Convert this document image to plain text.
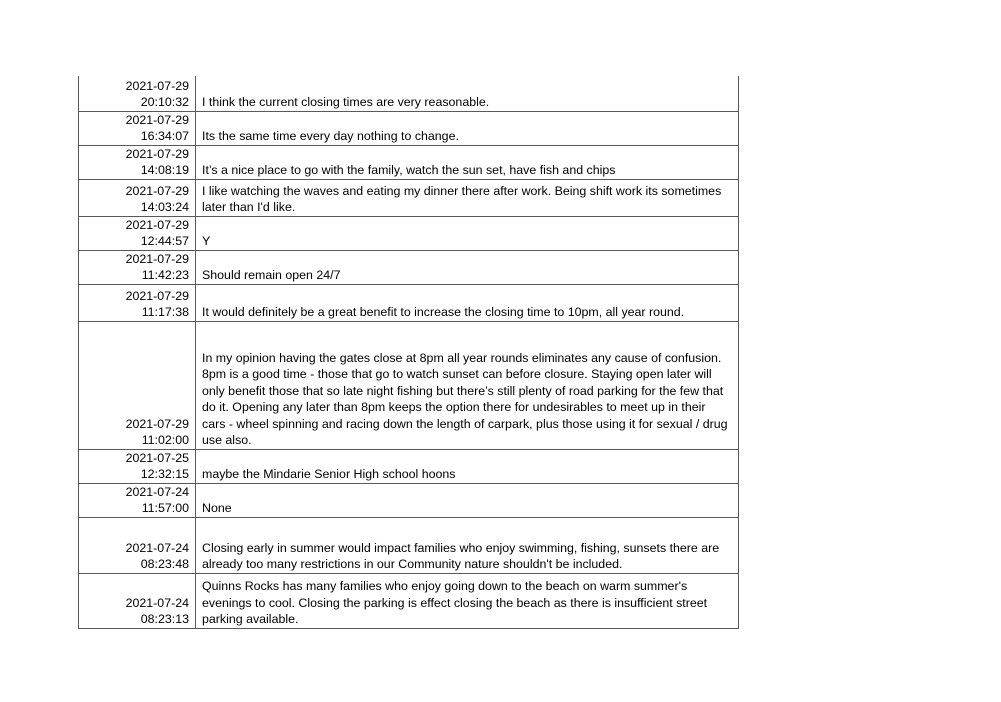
2021-07-29
20:10:32	I think the current closing times are very reasonable.
2021-07-29
16:34:07	Its the same time every day nothing to change.
2021-07-29
14:08:19	It’s a nice place to go with the family, watch the sun set, have fish and chips
2021-07-29
14:03:24	I like watching the waves and eating my dinner there after work. Being shift work its sometimes later than I'd like.
2021-07-29
12:44:57	Y
2021-07-29
11:42:23	Should remain open 24/7
2021-07-29
11:17:38	It would definitely be a great benefit to increase the closing time to 10pm, all year round.
2021-07-29
11:02:00	In my opinion having the gates close at 8pm all year rounds eliminates any cause of confusion. 8pm is a good time - those that go to watch sunset can before closure. Staying open later will only benefit those that so late night fishing but there’s still plenty of road parking for the few that do it. Opening any later than 8pm keeps the option there for undesirables to meet up in their cars - wheel spinning and racing down the length of carpark, plus those using it for sexual / drug use also.
2021-07-25
12:32:15	maybe the Mindarie Senior High school hoons
2021-07-24
11:57:00	None
2021-07-24
08:23:48	Closing early in summer would impact families who enjoy swimming, fishing, sunsets there are already too many restrictions in our Community nature shouldn't be included.
2021-07-24
08:23:13	Quinns Rocks has many families who enjoy going down to the beach on warm summer's evenings to cool. Closing the parking is effect closing the beach as there is insufficient street parking available.
